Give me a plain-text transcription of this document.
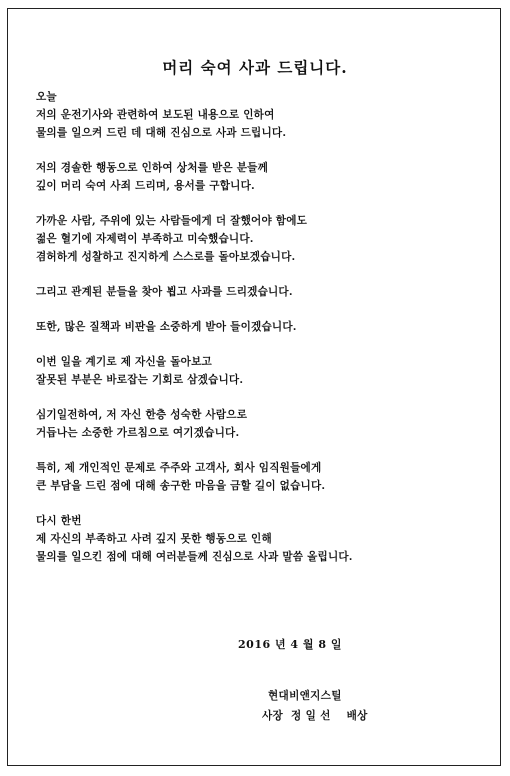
머리 숙여 사과 드립니다.
오늘
저의 운전기사와 관련하여 보도된 내용으로 인하여
물의를 일으켜 드린 데 대해 진심으로 사과 드립니다.
저의 경솔한 행동으로 인하여 상처를 받은 분들께
깊이 머리 숙여 사죄 드리며, 용서를 구합니다.
가까운 사람, 주위에 있는 사람들에게 더 잘했어야 함에도
젊은 혈기에 자제력이 부족하고 미숙했습니다.
겸허하게 성찰하고 진지하게 스스로를 돌아보겠습니다.
그리고 관계된 분들을 찾아 뵙고 사과를 드리겠습니다.
또한, 많은 질책과 비판을 소중하게 받아 들이겠습니다.
이번 일을 계기로 제 자신을 돌아보고
잘못된 부분은 바로잡는 기회로 삼겠습니다.
심기일전하여, 저 자신 한층 성숙한 사람으로
거듭나는 소중한 가르침으로 여기겠습니다.
특히, 제 개인적인 문제로 주주와 고객사, 회사 임직원들에게
큰 부담을 드린 점에 대해 송구한 마음을 금할 길이 없습니다.
다시 한번
제 자신의 부족하고 사려 깊지 못한 행동으로 인해
물의를 일으킨 점에 대해 여러분들께 진심으로 사과 말씀 올립니다.
2016 년 4 월 8 일
현대비앤지스틸
사장  정 일 선    배상
